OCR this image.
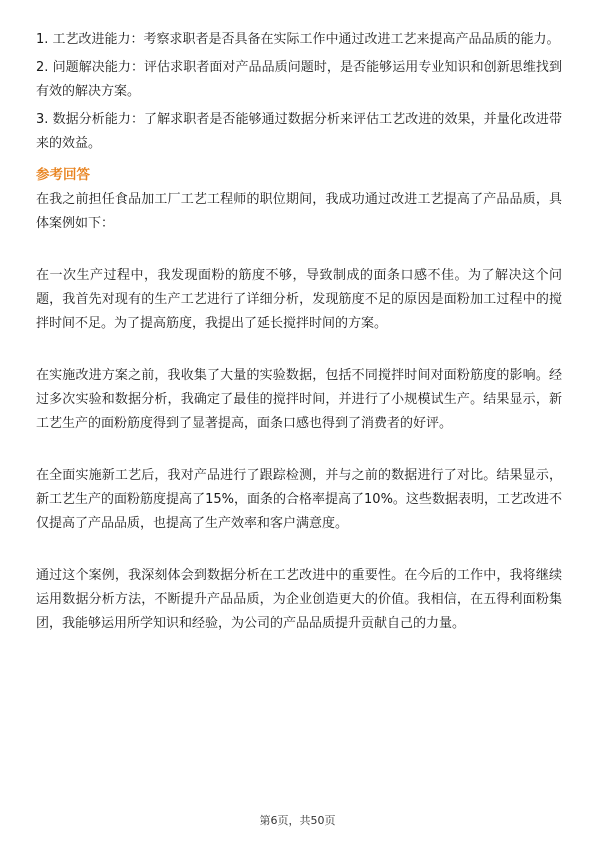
1. 工艺改进能力：考察求职者是否具备在实际工作中通过改进工艺来提高产品品质的能力。

2. 问题解决能力：评估求职者面对产品品质问题时，是否能够运用专业知识和创新思维找到有效的解决方案。

3. 数据分析能力：了解求职者是否能够通过数据分析来评估工艺改进的效果，并量化改进带来的效益。

参考回答

在我之前担任食品加工厂工艺工程师的职位期间，我成功通过改进工艺提高了产品品质，具体案例如下：

在一次生产过程中，我发现面粉的筋度不够，导致制成的面条口感不佳。为了解决这个问题，我首先对现有的生产工艺进行了详细分析，发现筋度不足的原因是面粉加工过程中的搅拌时间不足。为了提高筋度，我提出了延长搅拌时间的方案。

在实施改进方案之前，我收集了大量的实验数据，包括不同搅拌时间对面粉筋度的影响。经过多次实验和数据分析，我确定了最佳的搅拌时间，并进行了小规模试生产。结果显示，新工艺生产的面粉筋度得到了显著提高，面条口感也得到了消费者的好评。

在全面实施新工艺后，我对产品进行了跟踪检测，并与之前的数据进行了对比。结果显示，新工艺生产的面粉筋度提高了15%，面条的合格率提高了10%。这些数据表明，工艺改进不仅提高了产品品质，也提高了生产效率和客户满意度。

通过这个案例，我深刻体会到数据分析在工艺改进中的重要性。在今后的工作中，我将继续运用数据分析方法，不断提升产品品质，为企业创造更大的价值。我相信，在五得利面粉集团，我能够运用所学知识和经验，为公司的产品品质提升贡献自己的力量。

第6页，共50页
